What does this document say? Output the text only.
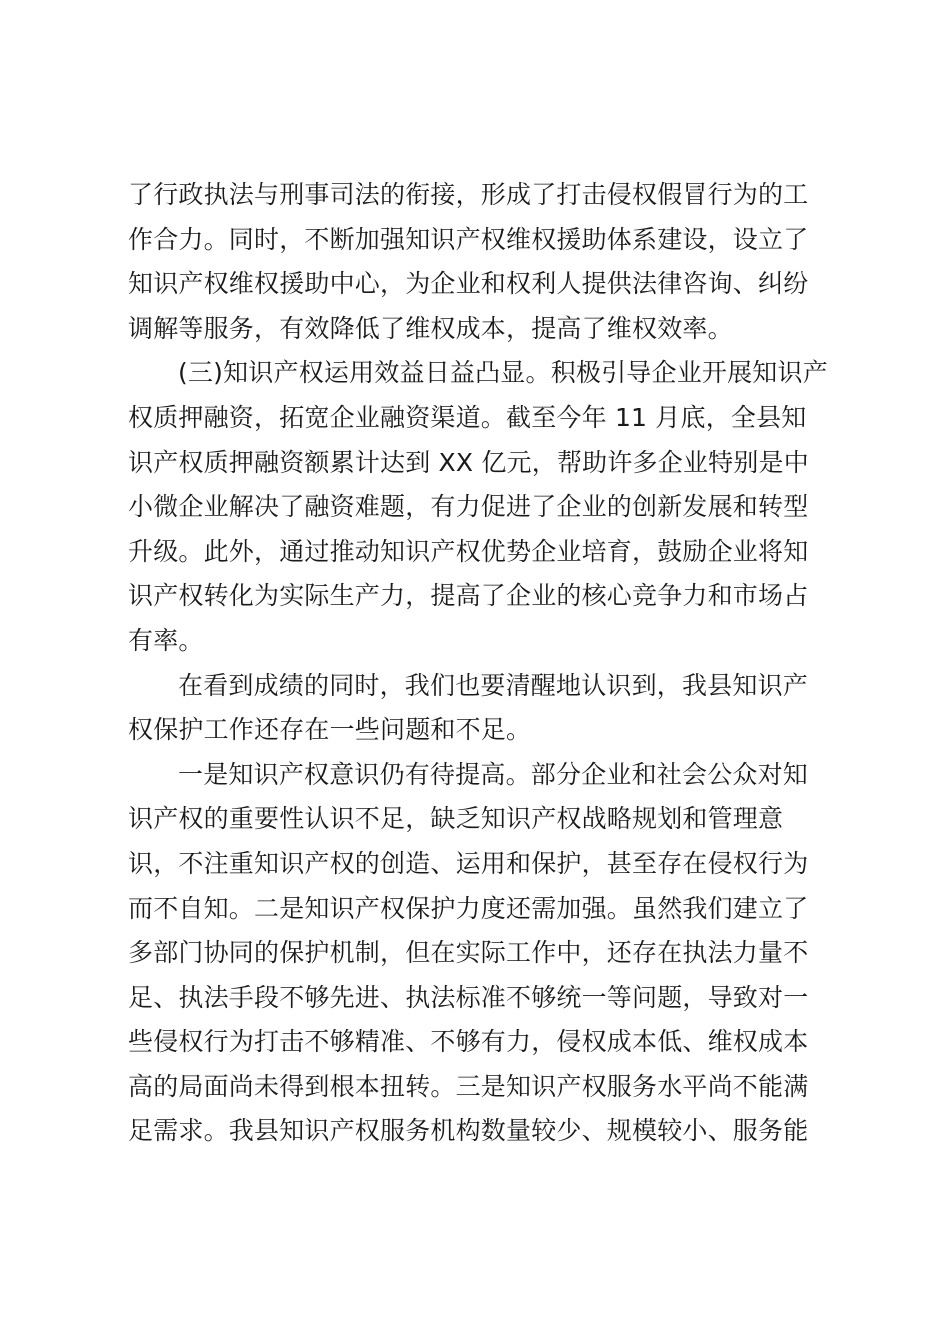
了行政执法与刑事司法的衔接，形成了打击侵权假冒行为的工
作合力。同时，不断加强知识产权维权援助体系建设，设立了
知识产权维权援助中心，为企业和权利人提供法律咨询、纠纷
调解等服务，有效降低了维权成本，提高了维权效率。
(三)知识产权运用效益日益凸显。积极引导企业开展知识产
权质押融资，拓宽企业融资渠道。截至今年 11 月底，全县知
识产权质押融资额累计达到 XX 亿元，帮助许多企业特别是中
小微企业解决了融资难题，有力促进了企业的创新发展和转型
升级。此外，通过推动知识产权优势企业培育，鼓励企业将知
识产权转化为实际生产力，提高了企业的核心竞争力和市场占
有率。
在看到成绩的同时，我们也要清醒地认识到，我县知识产
权保护工作还存在一些问题和不足。
一是知识产权意识仍有待提高。部分企业和社会公众对知
识产权的重要性认识不足，缺乏知识产权战略规划和管理意
识，不注重知识产权的创造、运用和保护，甚至存在侵权行为
而不自知。二是知识产权保护力度还需加强。虽然我们建立了
多部门协同的保护机制，但在实际工作中，还存在执法力量不
足、执法手段不够先进、执法标准不够统一等问题，导致对一
些侵权行为打击不够精准、不够有力，侵权成本低、维权成本
高的局面尚未得到根本扭转。三是知识产权服务水平尚不能满
足需求。我县知识产权服务机构数量较少、规模较小、服务能
